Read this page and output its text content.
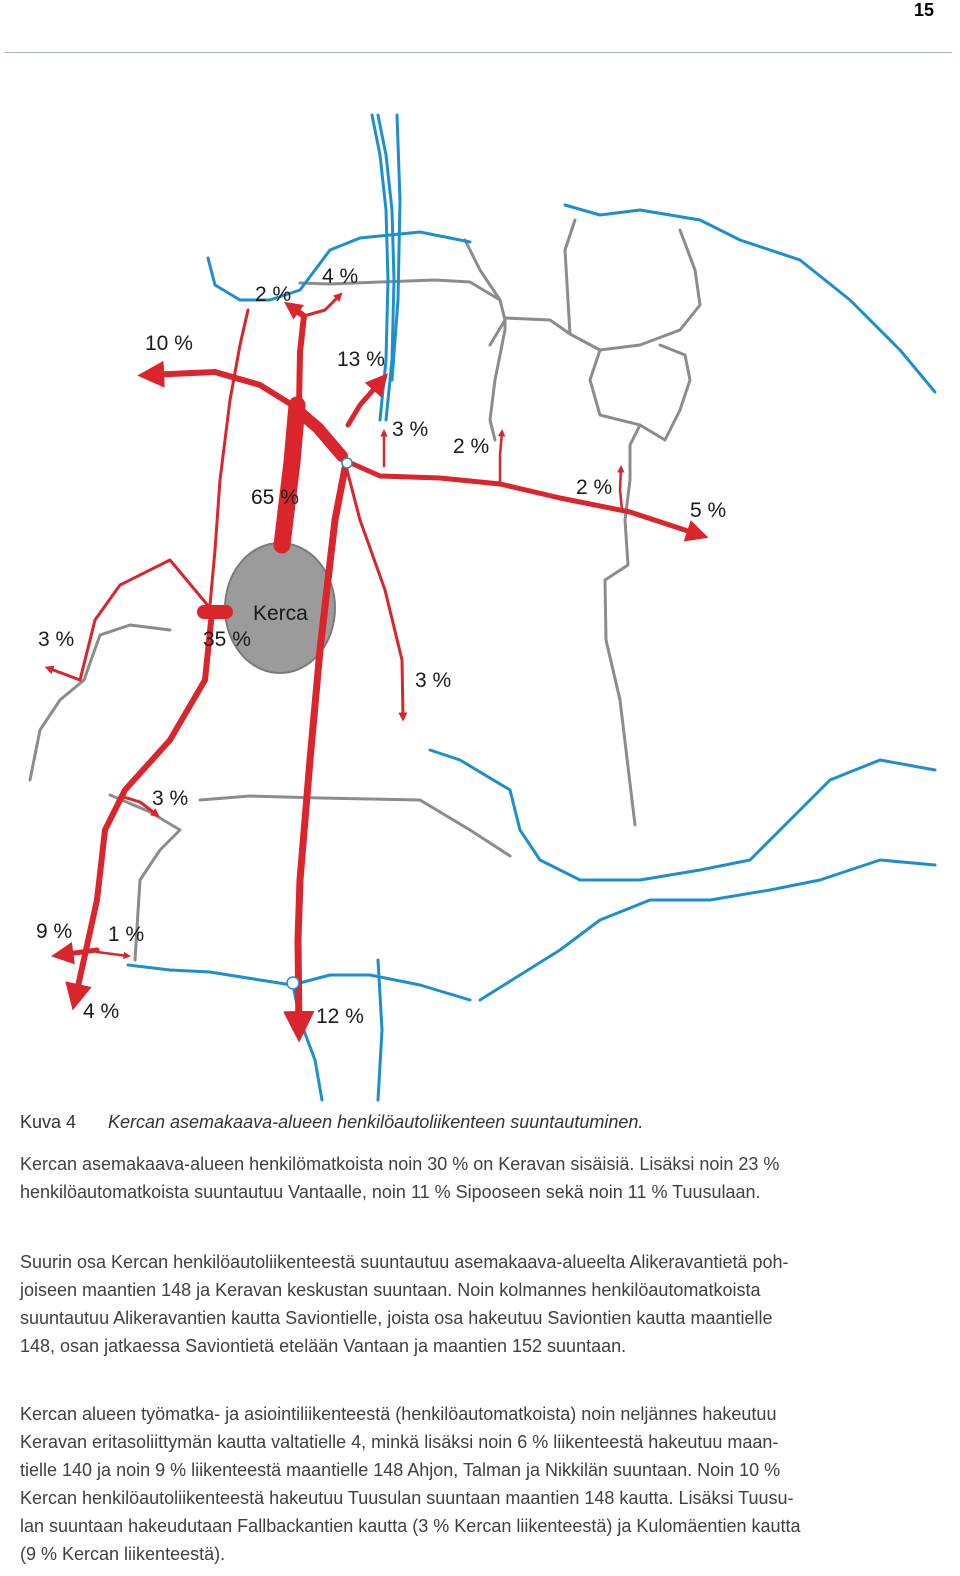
15
10 %
2 %
4 %
13 %
3 %
2 %
2 %
5 %
65 %
Kerca
35 %
3 %
3 %
3 %
9 % 1 %
4 %	12 %
Kuva 4 Kercan asemakaava-alueen henkilöautoliikenteen suuntautuminen.

Kercan asemakaava-alueen henkilömatkoista noin 30 % on Keravan sisäisiä. Lisäksi noin 23 %
henkilöautomatkoista suuntautuu Vantaalle, noin 11 % Sipooseen sekä noin 11 % Tuusulaan.

Suurin osa Kercan henkilöautoliikenteestä suuntautuu asemakaava-alueelta Alikeravantietä poh-
joiseen maantien 148 ja Keravan keskustan suuntaan. Noin kolmannes henkilöautomatkoista
suuntautuu Alikeravantien kautta Saviontielle, joista osa hakeutuu Saviontien kautta maantielle
148, osan jatkaessa Saviontietä etelään Vantaan ja maantien 152 suuntaan.

Kercan alueen työmatka- ja asiointiliikenteestä (henkilöautomatkoista) noin neljännes hakeutuu
Keravan eritasoliittymän kautta valtatielle 4, minkä lisäksi noin 6 % liikenteestä hakeutuu maan-
tielle 140 ja noin 9 % liikenteestä maantielle 148 Ahjon, Talman ja Nikkilän suuntaan. Noin 10 %
Kercan henkilöautoliikenteestä hakeutuu Tuusulan suuntaan maantien 148 kautta. Lisäksi Tuusu-
lan suuntaan hakeudutaan Fallbackantien kautta (3 % Kercan liikenteestä) ja Kulomäentien kautta
(9 % Kercan liikenteestä).
